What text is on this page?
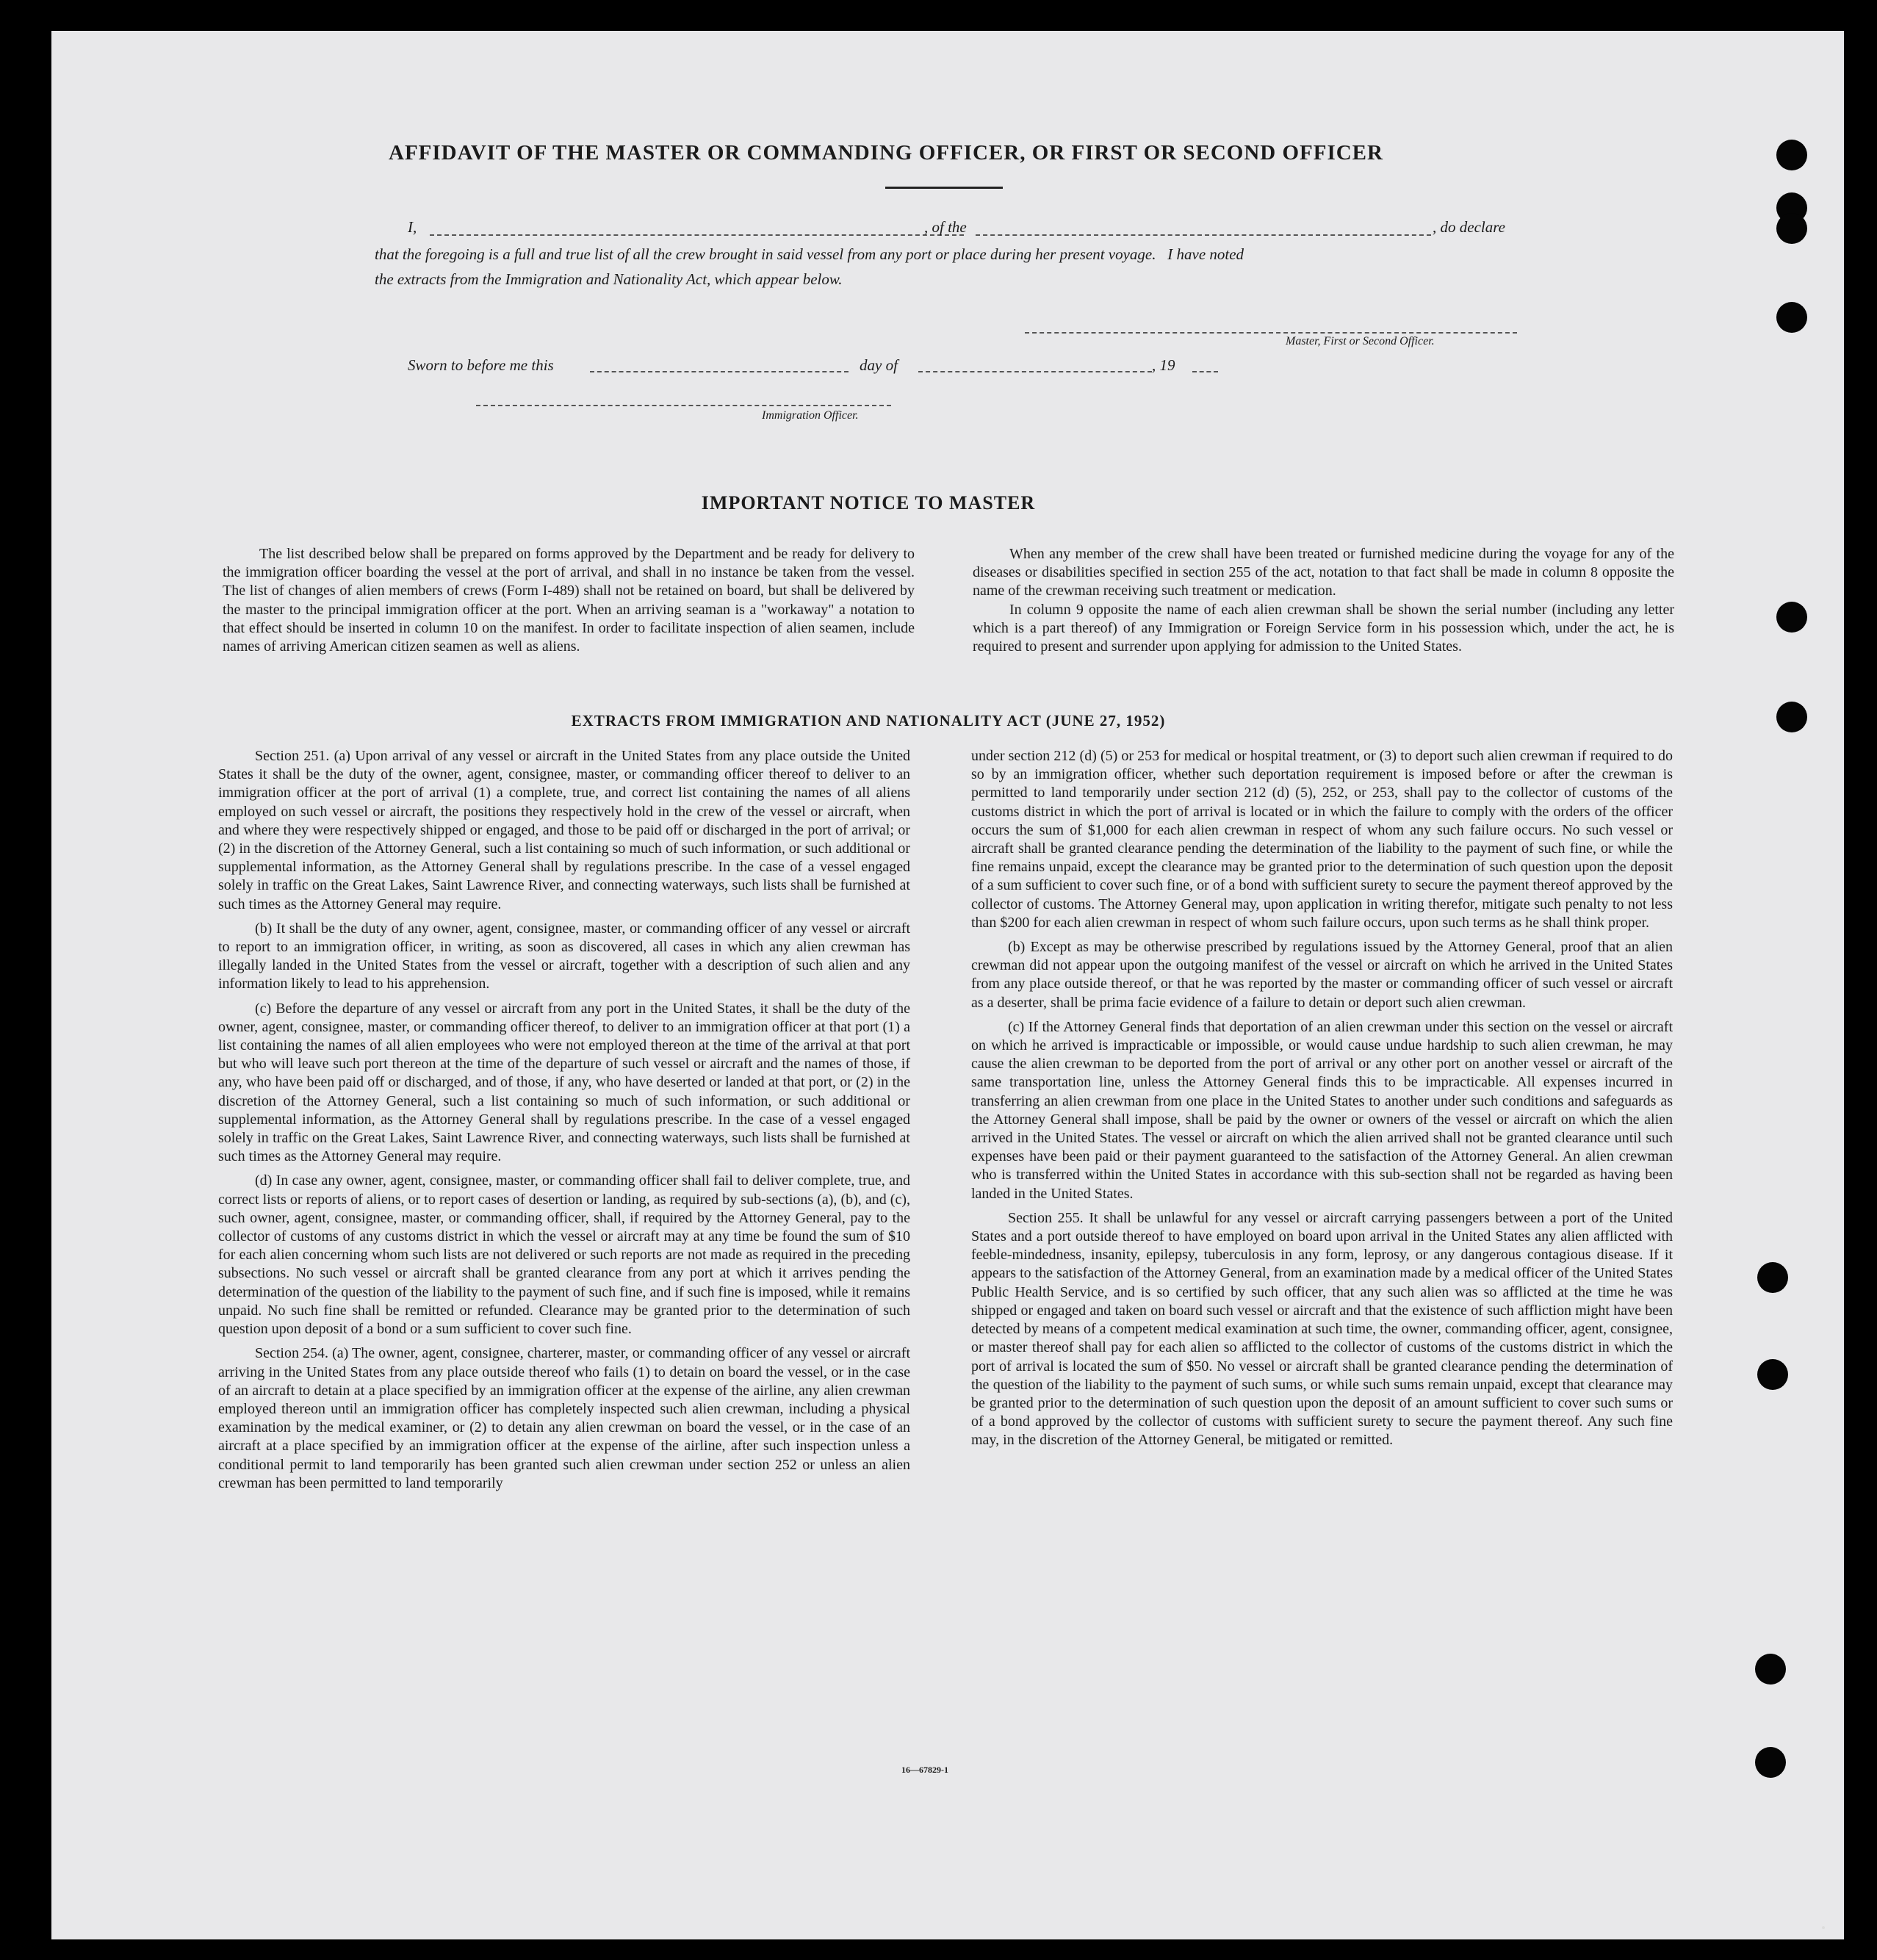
AFFIDAVIT OF THE MASTER OR COMMANDING OFFICER, OR FIRST OR SECOND OFFICER
I,	, of the	, do declare
that the foregoing is a full and true list of all the crew brought in said vessel from any port or place during her present voyage.   I have noted
the extracts from the Immigration and Nationality Act, which appear below.
Master, First or Second Officer.
Sworn to before me this	day of	, 19
Immigration Officer.
IMPORTANT NOTICE TO MASTER

The list described below shall be prepared on forms approved by the Department and be ready for delivery to the immigration officer boarding the vessel at the port of arrival, and shall in no instance be taken from the vessel. The list of changes of alien members of crews (Form I-489) shall not be retained on board, but shall be delivered by the master to the principal immigration officer at the port. When an arriving seaman is a "workaway" a notation to that effect should be inserted in column 10 on the manifest. In order to facilitate inspection of alien seamen, include names of arriving American citizen seamen as well as aliens.

When any member of the crew shall have been treated or furnished medicine during the voyage for any of the diseases or disabilities specified in section 255 of the act, notation to that fact shall be made in column 8 opposite the name of the crewman receiving such treatment or medication.

In column 9 opposite the name of each alien crewman shall be shown the serial number (including any letter which is a part thereof) of any Immigration or Foreign Service form in his possession which, under the act, he is required to present and surrender upon applying for admission to the United States.

EXTRACTS FROM IMMIGRATION AND NATIONALITY ACT (JUNE 27, 1952)

Section 251. (a) Upon arrival of any vessel or aircraft in the United States from any place outside the United States it shall be the duty of the owner, agent, consignee, master, or commanding officer thereof to deliver to an immigration officer at the port of arrival (1) a complete, true, and correct list containing the names of all aliens employed on such vessel or aircraft, the positions they respectively hold in the crew of the vessel or aircraft, when and where they were respectively shipped or engaged, and those to be paid off or discharged in the port of arrival; or (2) in the discretion of the Attorney General, such a list containing so much of such information, or such additional or supplemental information, as the Attorney General shall by regulations prescribe. In the case of a vessel engaged solely in traffic on the Great Lakes, Saint Lawrence River, and connecting waterways, such lists shall be furnished at such times as the Attorney General may require.

(b) It shall be the duty of any owner, agent, consignee, master, or commanding officer of any vessel or aircraft to report to an immigration officer, in writing, as soon as discovered, all cases in which any alien crewman has illegally landed in the United States from the vessel or aircraft, together with a description of such alien and any information likely to lead to his apprehension.

(c) Before the departure of any vessel or aircraft from any port in the United States, it shall be the duty of the owner, agent, consignee, master, or commanding officer thereof, to deliver to an immigration officer at that port (1) a list containing the names of all alien employees who were not employed thereon at the time of the arrival at that port but who will leave such port thereon at the time of the departure of such vessel or aircraft and the names of those, if any, who have been paid off or discharged, and of those, if any, who have deserted or landed at that port, or (2) in the discretion of the Attorney General, such a list containing so much of such information, or such additional or supplemental information, as the Attorney General shall by regulations prescribe. In the case of a vessel engaged solely in traffic on the Great Lakes, Saint Lawrence River, and connecting waterways, such lists shall be furnished at such times as the Attorney General may require.

(d) In case any owner, agent, consignee, master, or commanding officer shall fail to deliver complete, true, and correct lists or reports of aliens, or to report cases of desertion or landing, as required by sub-sections (a), (b), and (c), such owner, agent, consignee, master, or commanding officer, shall, if required by the Attorney General, pay to the collector of customs of any customs district in which the vessel or aircraft may at any time be found the sum of $10 for each alien concerning whom such lists are not delivered or such reports are not made as required in the preceding subsections. No such vessel or aircraft shall be granted clearance from any port at which it arrives pending the determination of the question of the liability to the payment of such fine, and if such fine is imposed, while it remains unpaid. No such fine shall be remitted or refunded. Clearance may be granted prior to the determination of such question upon deposit of a bond or a sum sufficient to cover such fine.

Section 254. (a) The owner, agent, consignee, charterer, master, or commanding officer of any vessel or aircraft arriving in the United States from any place outside thereof who fails (1) to detain on board the vessel, or in the case of an aircraft to detain at a place specified by an immigration officer at the expense of the airline, any alien crewman employed thereon until an immigration officer has completely inspected such alien crewman, including a physical examination by the medical examiner, or (2) to detain any alien crewman on board the vessel, or in the case of an aircraft at a place specified by an immigration officer at the expense of the airline, after such inspection unless a conditional permit to land temporarily has been granted such alien crewman under section 252 or unless an alien crewman has been permitted to land temporarily

under section 212 (d) (5) or 253 for medical or hospital treatment, or (3) to deport such alien crewman if required to do so by an immigration officer, whether such deportation requirement is imposed before or after the crewman is permitted to land temporarily under section 212 (d) (5), 252, or 253, shall pay to the collector of customs of the customs district in which the port of arrival is located or in which the failure to comply with the orders of the officer occurs the sum of $1,000 for each alien crewman in respect of whom any such failure occurs. No such vessel or aircraft shall be granted clearance pending the determination of the liability to the payment of such fine, or while the fine remains unpaid, except the clearance may be granted prior to the determination of such question upon the deposit of a sum sufficient to cover such fine, or of a bond with sufficient surety to secure the payment thereof approved by the collector of customs. The Attorney General may, upon application in writing therefor, mitigate such penalty to not less than $200 for each alien crewman in respect of whom such failure occurs, upon such terms as he shall think proper.

(b) Except as may be otherwise prescribed by regulations issued by the Attorney General, proof that an alien crewman did not appear upon the outgoing manifest of the vessel or aircraft on which he arrived in the United States from any place outside thereof, or that he was reported by the master or commanding officer of such vessel or aircraft as a deserter, shall be prima facie evidence of a failure to detain or deport such alien crewman.

(c) If the Attorney General finds that deportation of an alien crewman under this section on the vessel or aircraft on which he arrived is impracticable or impossible, or would cause undue hardship to such alien crewman, he may cause the alien crewman to be deported from the port of arrival or any other port on another vessel or aircraft of the same transportation line, unless the Attorney General finds this to be impracticable. All expenses incurred in transferring an alien crewman from one place in the United States to another under such conditions and safeguards as the Attorney General shall impose, shall be paid by the owner or owners of the vessel or aircraft on which the alien arrived in the United States. The vessel or aircraft on which the alien arrived shall not be granted clearance until such expenses have been paid or their payment guaranteed to the satisfaction of the Attorney General. An alien crewman who is transferred within the United States in accordance with this sub-section shall not be regarded as having been landed in the United States.

Section 255. It shall be unlawful for any vessel or aircraft carrying passengers between a port of the United States and a port outside thereof to have employed on board upon arrival in the United States any alien afflicted with feeble-mindedness, insanity, epilepsy, tuberculosis in any form, leprosy, or any dangerous contagious disease. If it appears to the satisfaction of the Attorney General, from an examination made by a medical officer of the United States Public Health Service, and is so certified by such officer, that any such alien was so afflicted at the time he was shipped or engaged and taken on board such vessel or aircraft and that the existence of such affliction might have been detected by means of a competent medical examination at such time, the owner, commanding officer, agent, consignee, or master thereof shall pay for each alien so afflicted to the collector of customs of the customs district in which the port of arrival is located the sum of $50. No vessel or aircraft shall be granted clearance pending the determination of the question of the liability to the payment of such sums, or while such sums remain unpaid, except that clearance may be granted prior to the determination of such question upon the deposit of an amount sufficient to cover such sums or of a bond approved by the collector of customs with sufficient surety to secure the payment thereof. Any such fine may, in the discretion of the Attorney General, be mitigated or remitted.

16—67829-1
